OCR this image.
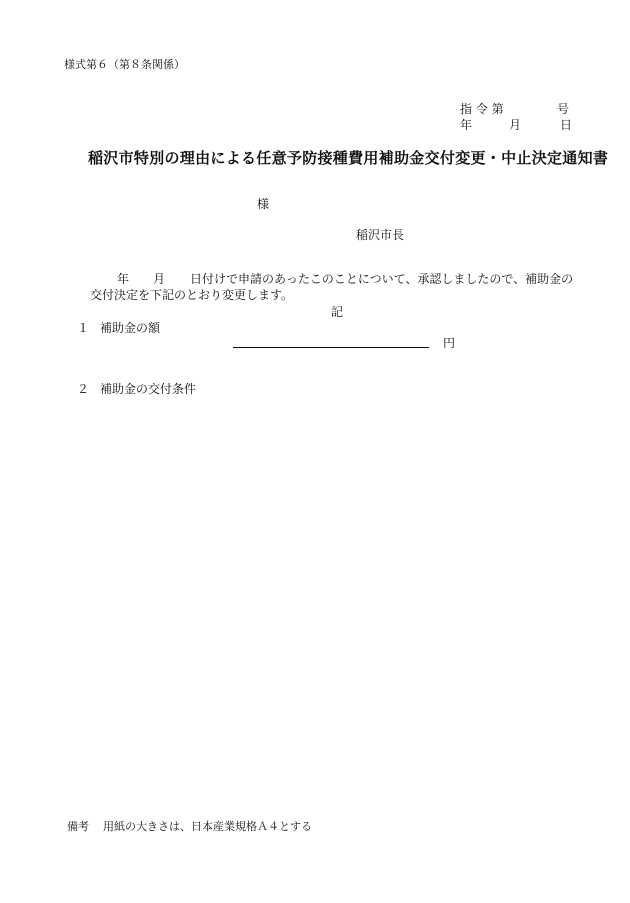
様式第６（第８条関係）
指 令 第	号
年	月	日
稲沢市特別の理由による任意予防接種費用補助金交付変更・中止決定通知書
様
稲沢市長
年 月 日付けで申請のあったこのことについて、承認しましたので、補助金の
交付決定を下記のとおり変更します。
記
１ 補助金の額
円
２ 補助金の交付条件
備考 用紙の大きさは、日本産業規格Ａ４とする
